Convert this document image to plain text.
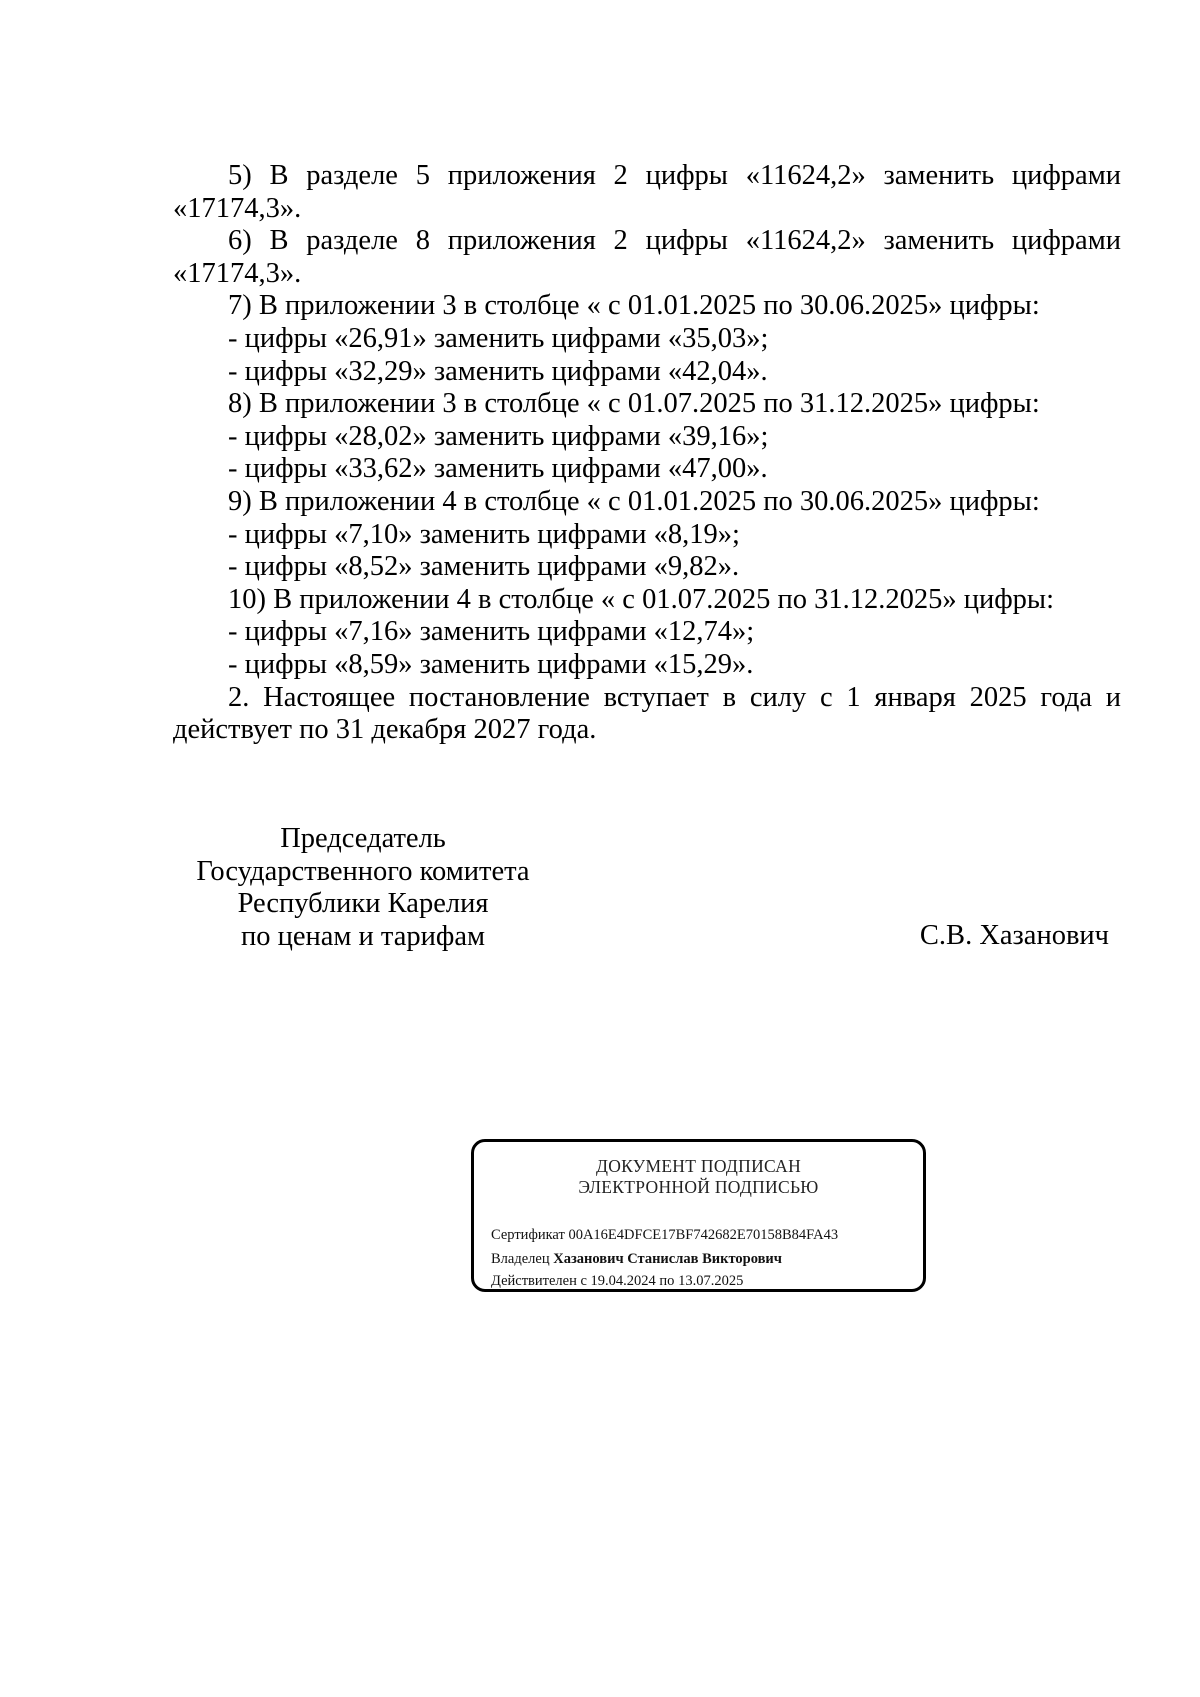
5) В разделе 5 приложения 2 цифры «11624,2» заменить цифрами «17174,3».

6) В разделе 8 приложения 2 цифры «11624,2» заменить цифрами «17174,3».

7) В приложении 3 в столбце « с 01.01.2025 по 30.06.2025» цифры:

- цифры «26,91» заменить цифрами «35,03»;

- цифры «32,29» заменить цифрами «42,04».

8) В приложении 3 в столбце « с 01.07.2025 по 31.12.2025» цифры:

- цифры «28,02» заменить цифрами «39,16»;

- цифры «33,62» заменить цифрами «47,00».

9) В приложении 4 в столбце « с 01.01.2025 по 30.06.2025» цифры:

- цифры «7,10» заменить цифрами «8,19»;

- цифры «8,52» заменить цифрами «9,82».

10) В приложении 4 в столбце « с 01.07.2025 по 31.12.2025» цифры:

- цифры «7,16» заменить цифрами «12,74»;

- цифры «8,59» заменить цифрами «15,29».

2. Настоящее постановление вступает в силу с 1 января 2025 года и действует по 31 декабря 2027 года.

Председатель
Государственного комитета
Республики Карелия
по ценам и тарифам	С.В. Хазанович
ДОКУМЕНТ ПОДПИСАН
ЭЛЕКТРОННОЙ ПОДПИСЬЮ
Сертификат 00A16E4DFCE17BF742682E70158B84FA43
Владелец Хазанович Станислав Викторович
Действителен с 19.04.2024 по 13.07.2025
